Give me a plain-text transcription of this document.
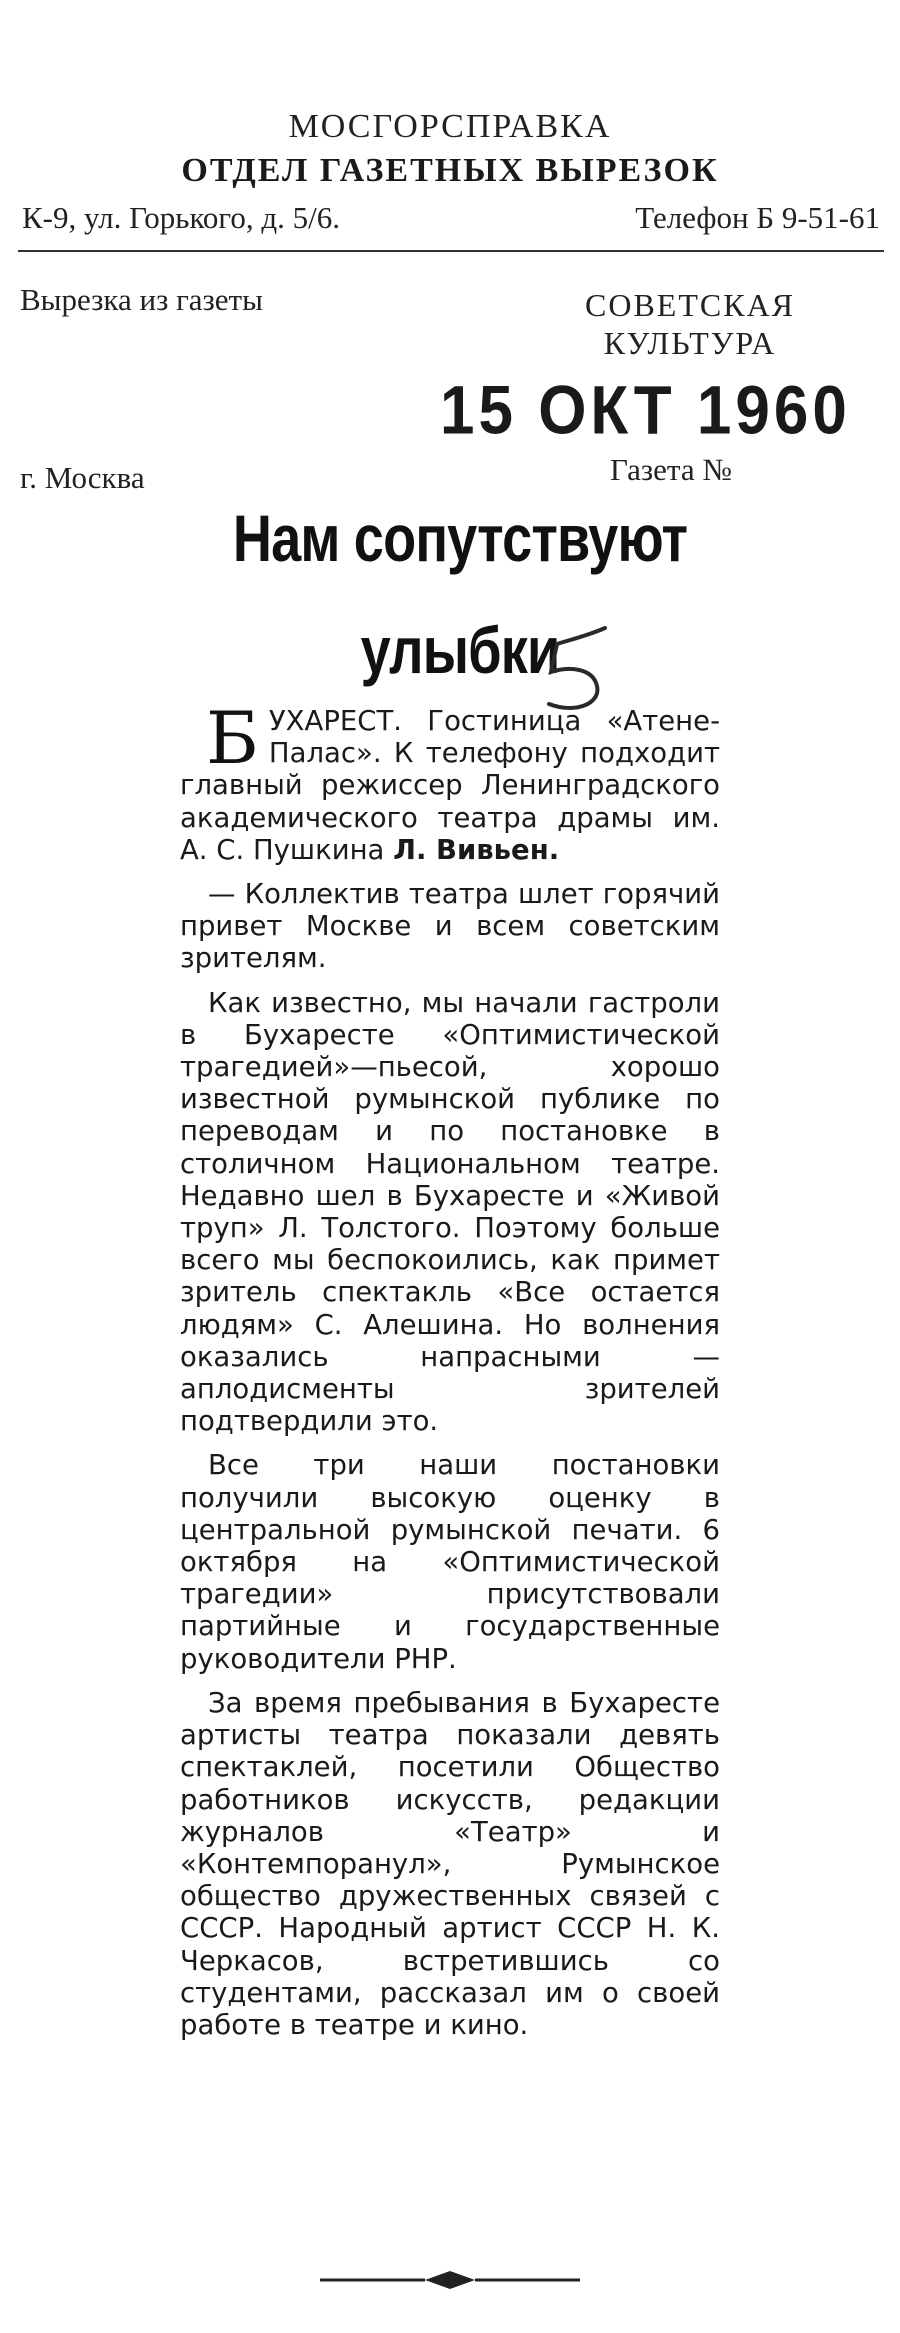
МОСГОРСПРАВКА
ОТДЕЛ ГАЗЕТНЫХ ВЫРЕЗОК
К-9, ул. Горького, д. 5/6.	Телефон Б 9-51-61
Вырезка из газеты	СОВЕТСКАЯ
КУЛЬТУРА
15 ОКТ 1960
г. Москва	Газета №
Нам сопутствуют
улыбки

БУХАРЕСТ. Гостиница «Атене-Палас». К телефону подходит главный режиссер Ленинградского академического театра драмы им. А. С. Пушкина Л. Вивьен.

— Коллектив театра шлет горячий привет Москве и всем советским зрителям.

Как известно, мы начали гастроли в Бухаресте «Оптимистической трагедией»—пьесой, хорошо известной румынской публике по переводам и по постановке в столичном Национальном театре. Недавно шел в Бухаресте и «Живой труп» Л. Толстого. Поэтому больше всего мы беспокоились, как примет зритель спектакль «Все остается людям» С. Алешина. Но волнения оказались напрасными — аплодисменты зрителей подтвердили это.

Все три наши постановки получили высокую оценку в центральной румынской печати. 6 октября на «Оптимистической трагедии» присутствовали партийные и государственные руководители РНР.

За время пребывания в Бухаресте артисты театра показали девять спектаклей, посетили Общество работников искусств, редакции журналов «Театр» и «Контемпоранул», Румынское общество дружественных связей с СССР. Народный артист СССР Н. К. Черкасов, встретившись со студентами, рассказал им о своей работе в театре и кино.
